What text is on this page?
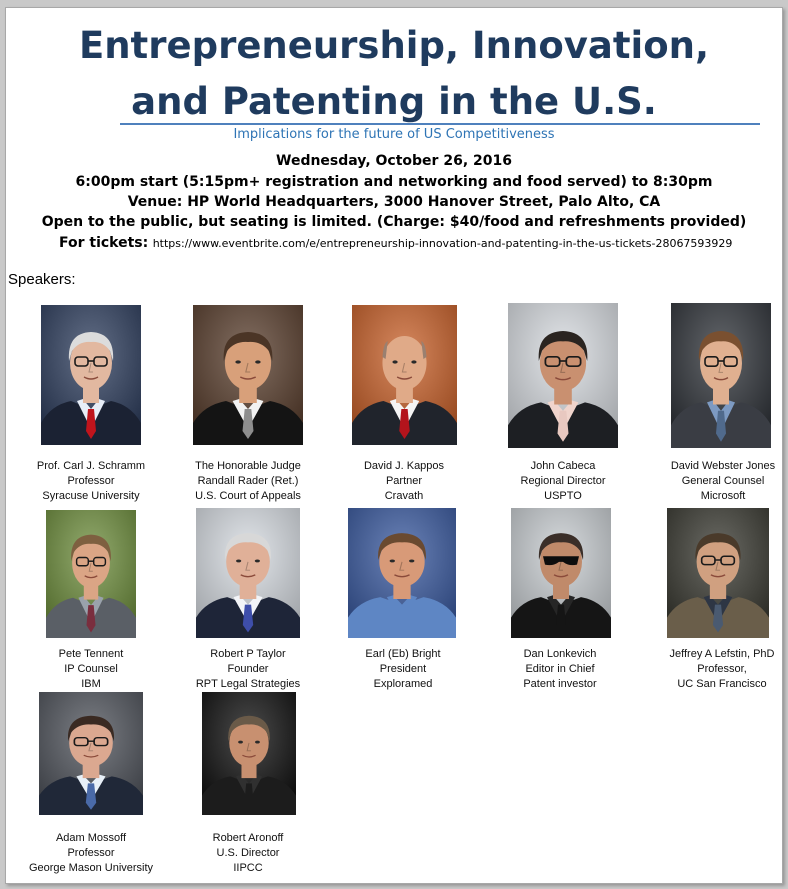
Entrepreneurship, Innovation,
and Patenting in the U.S.
Implications for the future of US Competitiveness
Wednesday, October 26, 2016
6:00pm start (5:15pm+ registration and networking and food served) to 8:30pm
Venue: HP World Headquarters, 3000 Hanover Street, Palo Alto, CA
Open to the public, but seating is limited. (Charge: $40/food and refreshments provided)
For tickets: https://www.eventbrite.com/e/entrepreneurship-innovation-and-patenting-in-the-us-tickets-28067593929
Speakers:
Prof. Carl J. Schramm
Professor
Syracuse University
The Honorable Judge
Randall Rader (Ret.)
U.S. Court of Appeals
David J. Kappos
Partner
Cravath
John Cabeca
Regional Director
USPTO
David Webster Jones
General Counsel
Microsoft
Pete Tennent
IP Counsel
IBM
Robert P Taylor
Founder
RPT Legal Strategies
Earl (Eb) Bright
President
Exploramed
Dan Lonkevich
Editor in Chief
Patent investor
Jeffrey A Lefstin, PhD
Professor,
UC San Francisco
Adam Mossoff
Professor
George Mason University
Robert Aronoff
U.S. Director
IIPCC
